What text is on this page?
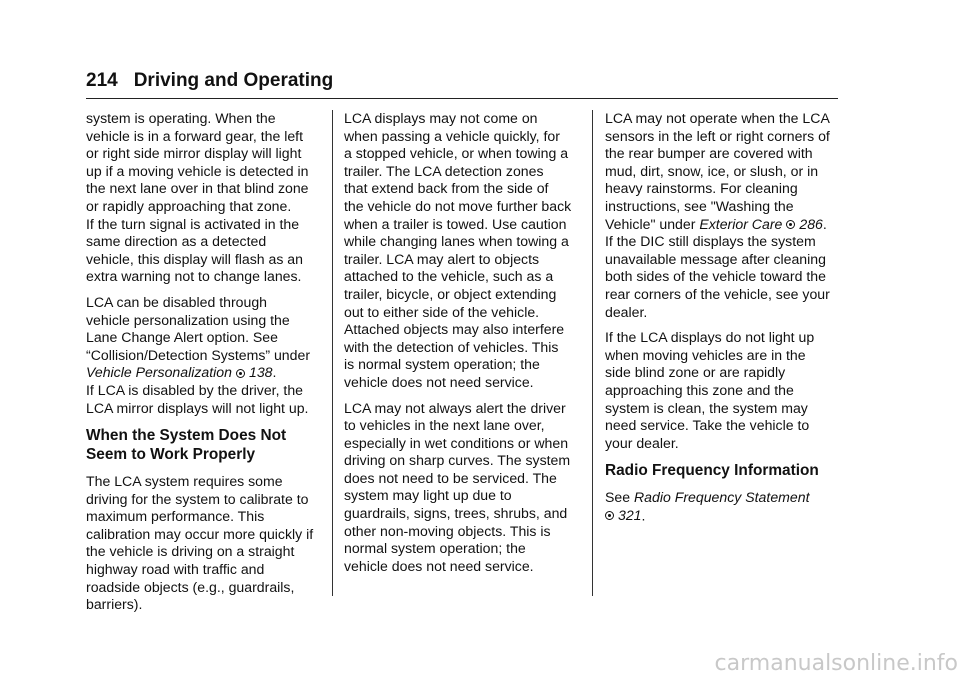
214 Driving and Operating

system is operating. When the
vehicle is in a forward gear, the left
or right side mirror display will light
up if a moving vehicle is detected in
the next lane over in that blind zone
or rapidly approaching that zone.
If the turn signal is activated in the
same direction as a detected
vehicle, this display will flash as an
extra warning not to change lanes.

LCA can be disabled through
vehicle personalization using the
Lane Change Alert option. See
“Collision/Detection Systems” under
Vehicle Personalization 138 .
If LCA is disabled by the driver, the
LCA mirror displays will not light up.

When the System Does Not
Seem to Work Properly

The LCA system requires some
driving for the system to calibrate to
maximum performance. This
calibration may occur more quickly if
the vehicle is driving on a straight
highway road with traffic and
roadside objects (e.g., guardrails,
barriers).

LCA displays may not come on
when passing a vehicle quickly, for
a stopped vehicle, or when towing a
trailer. The LCA detection zones
that extend back from the side of
the vehicle do not move further back
when a trailer is towed. Use caution
while changing lanes when towing a
trailer. LCA may alert to objects
attached to the vehicle, such as a
trailer, bicycle, or object extending
out to either side of the vehicle.
Attached objects may also interfere
with the detection of vehicles. This
is normal system operation; the
vehicle does not need service.

LCA may not always alert the driver
to vehicles in the next lane over,
especially in wet conditions or when
driving on sharp curves. The system
does not need to be serviced. The
system may light up due to
guardrails, signs, trees, shrubs, and
other non-moving objects. This is
normal system operation; the
vehicle does not need service.

LCA may not operate when the LCA
sensors in the left or right corners of
the rear bumper are covered with
mud, dirt, snow, ice, or slush, or in
heavy rainstorms. For cleaning
instructions, see "Washing the
Vehicle" under Exterior Care 286 .
If the DIC still displays the system
unavailable message after cleaning
both sides of the vehicle toward the
rear corners of the vehicle, see your
dealer.

If the LCA displays do not light up
when moving vehicles are in the
side blind zone or are rapidly
approaching this zone and the
system is clean, the system may
need service. Take the vehicle to
your dealer.

Radio Frequency Information

See Radio Frequency Statement
321 .

carmanualsonline.info
